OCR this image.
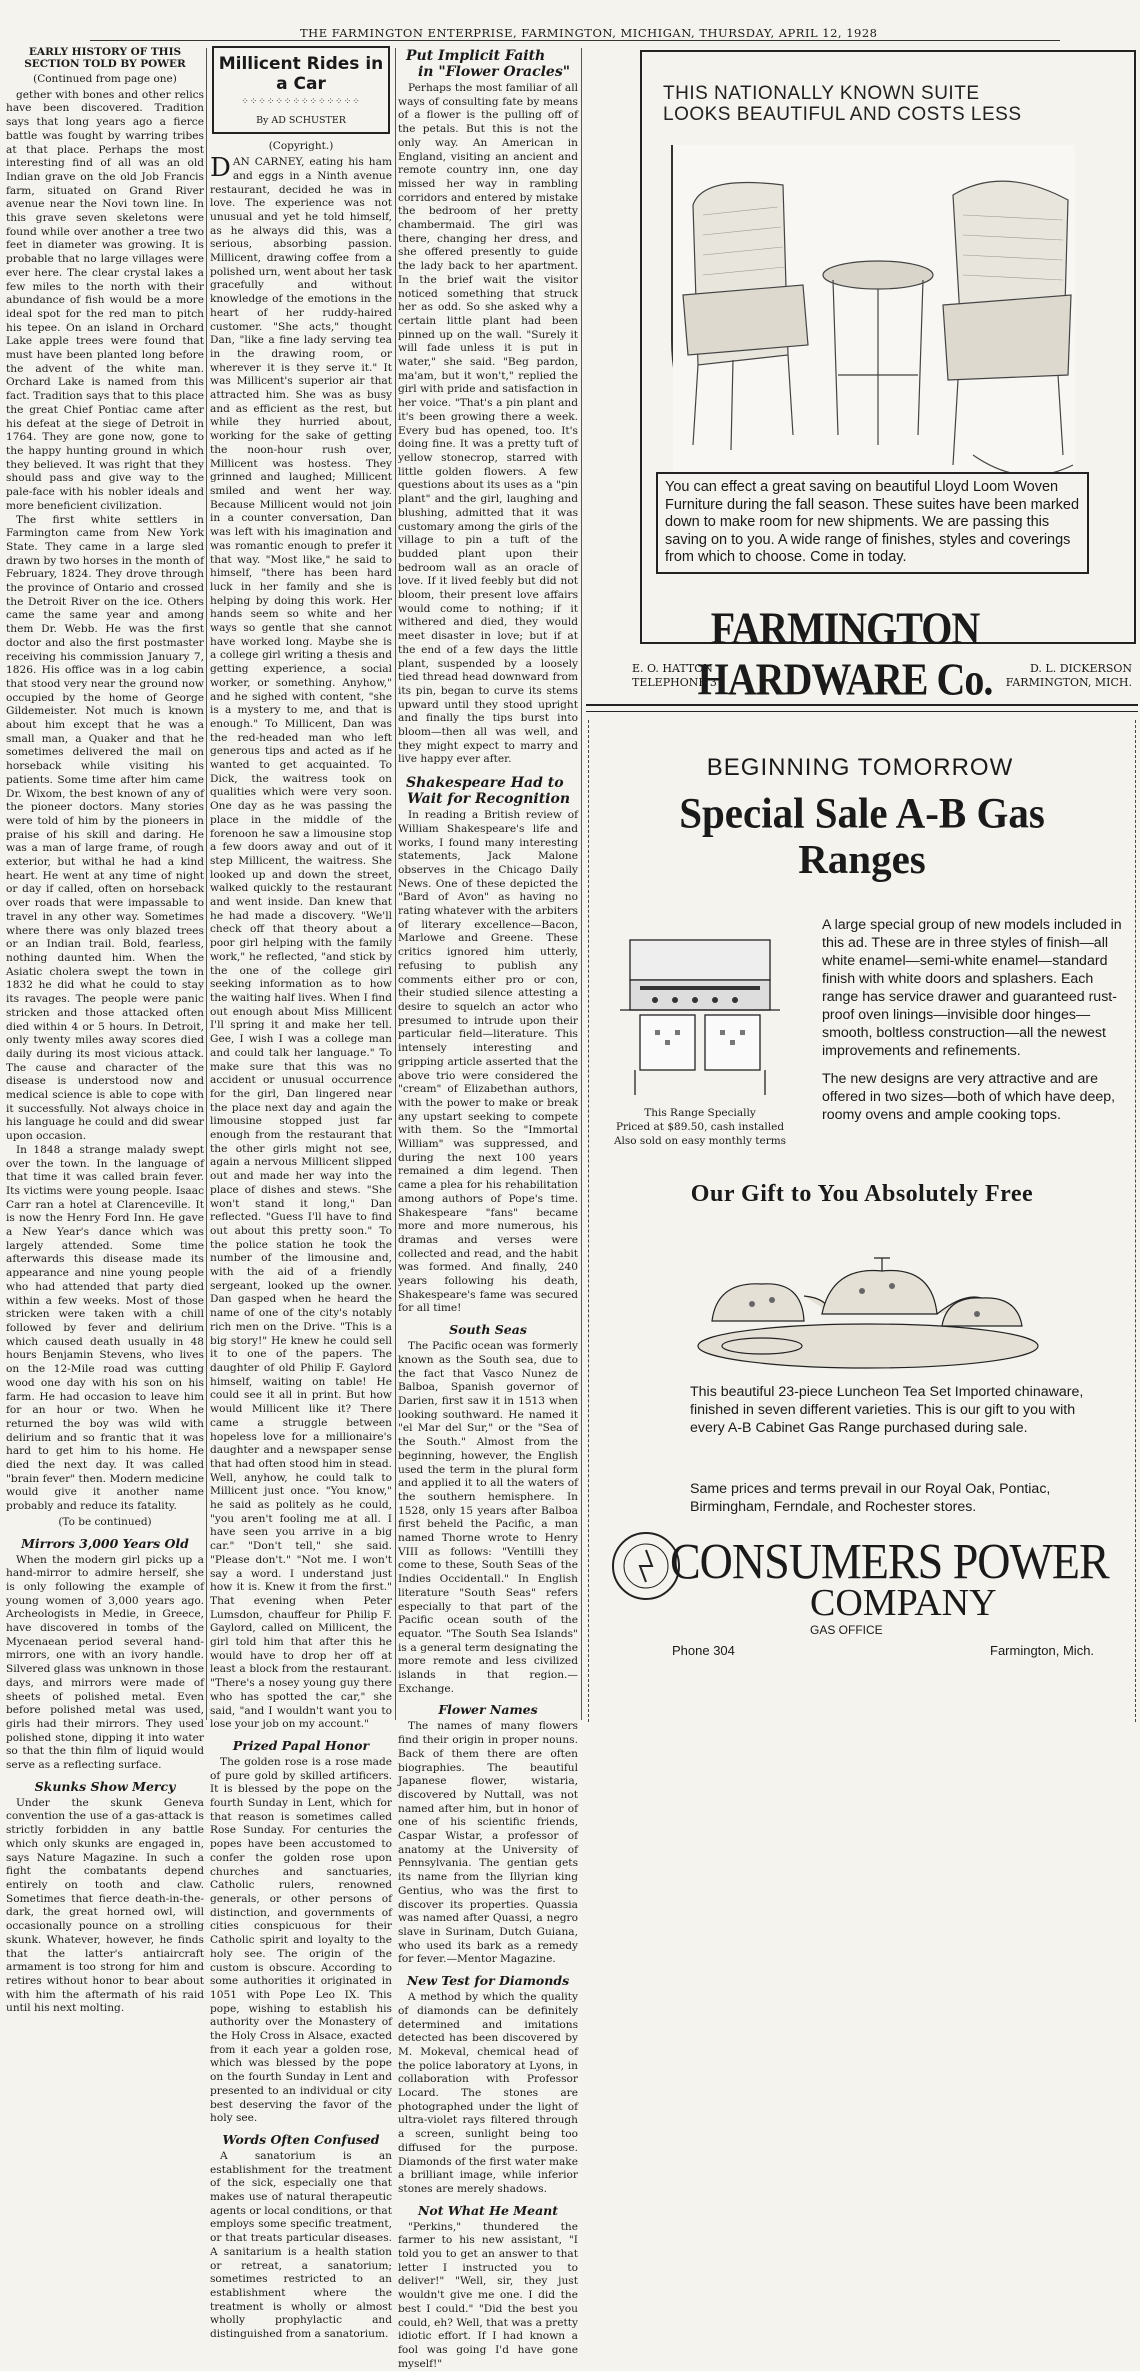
THE FARMINGTON ENTERPRISE, FARMINGTON, MICHIGAN, THURSDAY, APRIL 12, 1928
EARLY HISTORY OF THIS
SECTION TOLD BY POWER
(Continued from page one)

gether with bones and other relics have been discovered. Tradition says that long years ago a fierce battle was fought by warring tribes at that place. Perhaps the most interesting find of all was an old Indian grave on the old Job Francis farm, situated on Grand River avenue near the Novi town line. In this grave seven skeletons were found while over another a tree two feet in diameter was growing. It is probable that no large villages were ever here. The clear crystal lakes a few miles to the north with their abundance of fish would be a more ideal spot for the red man to pitch his tepee. On an island in Orchard Lake apple trees were found that must have been planted long before the advent of the white man. Orchard Lake is named from this fact. Tradition says that to this place the great Chief Pontiac came after his defeat at the siege of Detroit in 1764. They are gone now, gone to the happy hunting ground in which they believed. It was right that they should pass and give way to the pale-face with his nobler ideals and more beneficient civilization.

The first white settlers in Farmington came from New York State. They came in a large sled drawn by two horses in the month of February, 1824. They drove through the province of Ontario and crossed the Detroit River on the ice. Others came the same year and among them Dr. Webb. He was the first doctor and also the first postmaster receiving his commission January 7, 1826. His office was in a log cabin that stood very near the ground now occupied by the home of George Gildemeister. Not much is known about him except that he was a small man, a Quaker and that he sometimes delivered the mail on horseback while visiting his patients. Some time after him came Dr. Wixom, the best known of any of the pioneer doctors. Many stories were told of him by the pioneers in praise of his skill and daring. He was a man of large frame, of rough exterior, but withal he had a kind heart. He went at any time of night or day if called, often on horseback over roads that were impassable to travel in any other way. Sometimes where there was only blazed trees or an Indian trail. Bold, fearless, nothing daunted him. When the Asiatic cholera swept the town in 1832 he did what he could to stay its ravages. The people were panic stricken and those attacked often died within 4 or 5 hours. In Detroit, only twenty miles away scores died daily during its most vicious attack. The cause and character of the disease is understood now and medical science is able to cope with it successfully. Not always choice in his language he could and did swear upon occasion.

In 1848 a strange malady swept over the town. In the language of that time it was called brain fever. Its victims were young people. Isaac Carr ran a hotel at Clarenceville. It is now the Henry Ford Inn. He gave a New Year's dance which was largely attended. Some time afterwards this disease made its appearance and nine young people who had attended that party died within a few weeks. Most of those stricken were taken with a chill followed by fever and delirium which caused death usually in 48 hours Benjamin Stevens, who lives on the 12-Mile road was cutting wood one day with his son on his farm. He had occasion to leave him for an hour or two. When he returned the boy was wild with delirium and so frantic that it was hard to get him to his home. He died the next day. It was called "brain fever" then. Modern medicine would give it another name probably and reduce its fatality.

(To be continued)
Mirrors 3,000 Years Old

When the modern girl picks up a hand-mirror to admire herself, she is only following the example of young women of 3,000 years ago. Archeologists in Medie, in Greece, have discovered in tombs of the Mycenaean period several hand-mirrors, one with an ivory handle. Silvered glass was unknown in those days, and mirrors were made of sheets of polished metal. Even before polished metal was used, girls had their mirrors. They used polished stone, dipping it into water so that the thin film of liquid would serve as a reflecting surface.

Skunks Show Mercy

Under the skunk Geneva convention the use of a gas-attack is strictly forbidden in any battle which only skunks are engaged in, says Nature Magazine. In such a fight the combatants depend entirely on tooth and claw. Sometimes that fierce death-in-the-dark, the great horned owl, will occasionally pounce on a strolling skunk. Whatever, however, he finds that the latter's antiaircraft armament is too strong for him and retires without honor to bear about with him the aftermath of his raid until his next molting.

Millicent Rides in a Car
⁘⁘⁘⁘⁘⁘⁘⁘⁘⁘⁘⁘⁘⁘
By AD SCHUSTER
(Copyright.)

DAN CARNEY, eating his ham and eggs in a Ninth avenue restaurant, decided he was in love. The experience was not unusual and yet he told himself, as he always did this, was a serious, absorbing passion. Millicent, drawing coffee from a polished urn, went about her task gracefully and without knowledge of the emotions in the heart of her ruddy-haired customer. "She acts," thought Dan, "like a fine lady serving tea in the drawing room, or wherever it is they serve it." It was Millicent's superior air that attracted him. She was as busy and as efficient as the rest, but while they hurried about, working for the sake of getting the noon-hour rush over, Millicent was hostess. They grinned and laughed; Millicent smiled and went her way. Because Millicent would not join in a counter conversation, Dan was left with his imagination and was romantic enough to prefer it that way. "Most like," he said to himself, "there has been hard luck in her family and she is helping by doing this work. Her hands seem so white and her ways so gentle that she cannot have worked long. Maybe she is a college girl writing a thesis and getting experience, a social worker, or something. Anyhow," and he sighed with content, "she is a mystery to me, and that is enough." To Millicent, Dan was the red-headed man who left generous tips and acted as if he wanted to get acquainted. To Dick, the waitress took on qualities which were very soon. One day as he was passing the place in the middle of the forenoon he saw a limousine stop a few doors away and out of it step Millicent, the waitress. She looked up and down the street, walked quickly to the restaurant and went inside. Dan knew that he had made a discovery. "We'll check off that theory about a poor girl helping with the family work," he reflected, "and stick by the one of the college girl seeking information as to how the waiting half lives. When I find out enough about Miss Millicent I'll spring it and make her tell. Gee, I wish I was a college man and could talk her language." To make sure that this was no accident or unusual occurrence for the girl, Dan lingered near the place next day and again the limousine stopped just far enough from the restaurant that the other girls might not see, again a nervous Millicent slipped out and made her way into the place of dishes and stews. "She won't stand it long," Dan reflected. "Guess I'll have to find out about this pretty soon." To the police station he took the number of the limousine and, with the aid of a friendly sergeant, looked up the owner. Dan gasped when he heard the name of one of the city's notably rich men on the Drive. "This is a big story!" He knew he could sell it to one of the papers. The daughter of old Philip F. Gaylord himself, waiting on table! He could see it all in print. But how would Millicent like it? There came a struggle between hopeless love for a millionaire's daughter and a newspaper sense that had often stood him in stead. Well, anyhow, he could talk to Millicent just once. "You know," he said as politely as he could, "you aren't fooling me at all. I have seen you arrive in a big car." "Don't tell," she said. "Please don't." "Not me. I won't say a word. I understand just how it is. Knew it from the first." That evening when Peter Lumsdon, chauffeur for Philip F. Gaylord, called on Millicent, the girl told him that after this he would have to drop her off at least a block from the restaurant. "There's a nosey young guy there who has spotted the car," she said, "and I wouldn't want you to lose your job on my account."

Prized Papal Honor

The golden rose is a rose made of pure gold by skilled artificers. It is blessed by the pope on the fourth Sunday in Lent, which for that reason is sometimes called Rose Sunday. For centuries the popes have been accustomed to confer the golden rose upon churches and sanctuaries, Catholic rulers, renowned generals, or other persons of distinction, and governments of cities conspicuous for their Catholic spirit and loyalty to the holy see. The origin of the custom is obscure. According to some authorities it originated in 1051 with Pope Leo IX. This pope, wishing to establish his authority over the Monastery of the Holy Cross in Alsace, exacted from it each year a golden rose, which was blessed by the pope on the fourth Sunday in Lent and presented to an individual or city best deserving the favor of the holy see.

Words Often Confused

A sanatorium is an establishment for the treatment of the sick, especially one that makes use of natural therapeutic agents or local conditions, or that employs some specific treatment, or that treats particular diseases. A sanitarium is a health station or retreat, a sanatorium; sometimes restricted to an establishment where the treatment is wholly or almost wholly prophylactic and distinguished from a sanatorium.

Put Implicit Faith
in "Flower Oracles"

Perhaps the most familiar of all ways of consulting fate by means of a flower is the pulling off of the petals. But this is not the only way. An American in England, visiting an ancient and remote country inn, one day missed her way in rambling corridors and entered by mistake the bedroom of her pretty chambermaid. The girl was there, changing her dress, and she offered presently to guide the lady back to her apartment. In the brief wait the visitor noticed something that struck her as odd. So she asked why a certain little plant had been pinned up on the wall. "Surely it will fade unless it is put in water," she said. "Beg pardon, ma'am, but it won't," replied the girl with pride and satisfaction in her voice. "That's a pin plant and it's been growing there a week. Every bud has opened, too. It's doing fine. It was a pretty tuft of yellow stonecrop, starred with little golden flowers. A few questions about its uses as a "pin plant" and the girl, laughing and blushing, admitted that it was customary among the girls of the village to pin a tuft of the budded plant upon their bedroom wall as an oracle of love. If it lived feebly but did not bloom, their present love affairs would come to nothing; if it withered and died, they would meet disaster in love; but if at the end of a few days the little plant, suspended by a loosely tied thread head downward from its pin, began to curve its stems upward until they stood upright and finally the tips burst into bloom—then all was well, and they might expect to marry and live happy ever after.

Shakespeare Had to
Wait for Recognition

In reading a British review of William Shakespeare's life and works, I found many interesting statements, Jack Malone observes in the Chicago Daily News. One of these depicted the "Bard of Avon" as having no rating whatever with the arbiters of literary excellence—Bacon, Marlowe and Greene. These critics ignored him utterly, refusing to publish any comments either pro or con, their studied silence attesting a desire to squelch an actor who presumed to intrude upon their particular field—literature. This intensely interesting and gripping article asserted that the above trio were considered the "cream" of Elizabethan authors, with the power to make or break any upstart seeking to compete with them. So the "Immortal William" was suppressed, and during the next 100 years remained a dim legend. Then came a plea for his rehabilitation among authors of Pope's time. Shakespeare "fans" became more and more numerous, his dramas and verses were collected and read, and the habit was formed. And finally, 240 years following his death, Shakespeare's fame was secured for all time!

South Seas

The Pacific ocean was formerly known as the South sea, due to the fact that Vasco Nunez de Balboa, Spanish governor of Darien, first saw it in 1513 when looking southward. He named it "el Mar del Sur," or the "Sea of the South." Almost from the beginning, however, the English used the term in the plural form and applied it to all the waters of the southern hemisphere. In 1528, only 15 years after Balboa first beheld the Pacific, a man named Thorne wrote to Henry VIII as follows: "Ventilli they come to these, South Seas of the Indies Occidentall." In English literature "South Seas" refers especially to that part of the Pacific ocean south of the equator. "The South Sea Islands" is a general term designating the more remote and less civilized islands in that region.—Exchange.

Flower Names

The names of many flowers find their origin in proper nouns. Back of them there are often biographies. The beautiful Japanese flower, wistaria, discovered by Nuttall, was not named after him, but in honor of one of his scientific friends, Caspar Wistar, a professor of anatomy at the University of Pennsylvania. The gentian gets its name from the Illyrian king Gentius, who was the first to discover its properties. Quassia was named after Quassi, a negro slave in Surinam, Dutch Guiana, who used its bark as a remedy for fever.—Mentor Magazine.

New Test for Diamonds

A method by which the quality of diamonds can be definitely determined and imitations detected has been discovered by M. Mokeval, chemical head of the police laboratory at Lyons, in collaboration with Professor Locard. The stones are photographed under the light of ultra-violet rays filtered through a screen, sunlight being too diffused for the purpose. Diamonds of the first water make a brilliant image, while inferior stones are merely shadows.

Not What He Meant

"Perkins," thundered the farmer to his new assistant, "I told you to get an answer to that letter I instructed you to deliver!" "Well, sir, they just wouldn't give me one. I did the best I could." "Did the best you could, eh? Well, that was a pretty idiotic effort. If I had known a fool was going I'd have gone myself!"

THIS NATIONALLY KNOWN SUITE
LOOKS BEAUTIFUL AND COSTS LESS
You can effect a great saving on beautiful Lloyd Loom Woven Furniture during the fall season. These suites have been marked down to make room for new shipments. We are passing this saving on to you. A wide range of finishes, styles and coverings from which to choose. Come in today.
FARMINGTON HARDWARE Co.
E. O. HATTON
TELEPHONE 3
D. L. DICKERSON
FARMINGTON, MICH.
BEGINNING TOMORROW
Special Sale A-B Gas
Ranges
This Range Specially
Priced at $89.50, cash installed
Also sold on easy monthly terms

A large special group of new models included in this ad. These are in three styles of finish—all white enamel—semi-white enamel—standard finish with white doors and splashers. Each range has service drawer and guaranteed rust-proof oven linings—invisible door hinges—smooth, boltless construction—all the newest improvements and refinements.

The new designs are very attractive and are offered in two sizes—both of which have deep, roomy ovens and ample cooking tops.

Our Gift to You Absolutely Free
This beautiful 23-piece Luncheon Tea Set Imported chinaware, finished in seven different varieties. This is our gift to you with every A-B Cabinet Gas Range purchased during sale.
Same prices and terms prevail in our Royal Oak, Pontiac, Birmingham, Ferndale, and Rochester stores.
CONSUMERS POWER
COMPANY
GAS OFFICE
Phone 304	Farmington, Mich.
